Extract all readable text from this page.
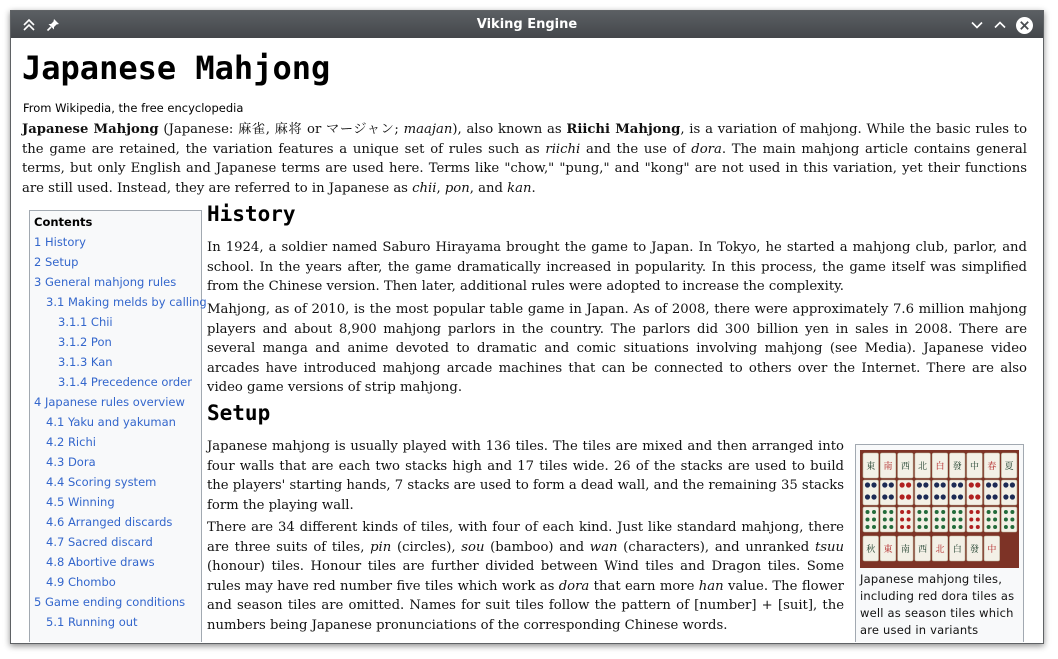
Viking Engine
Japanese Mahjong
From Wikipedia, the free encyclopedia
Japanese Mahjong (Japanese: 麻雀, 麻将 or マージャン; maajan), also known as Riichi Mahjong, is a variation of mahjong. While the basic rules to the game are retained, the variation features a unique set of rules such as riichi and the use of dora. The main mahjong article contains general terms, but only English and Japanese terms are used here. Terms like "chow," "pung," and "kong" are not used in this variation, yet their functions are still used. Instead, they are referred to in Japanese as chii, pon, and kan.
Contents
1 History
2 Setup
3 General mahjong rules
3.1 Making melds by calling
3.1.1 Chii
3.1.2 Pon
3.1.3 Kan
3.1.4 Precedence order
4 Japanese rules overview
4.1 Yaku and yakuman
4.2 Richi
4.3 Dora
4.4 Scoring system
4.5 Winning
4.6 Arranged discards
4.7 Sacred discard
4.8 Abortive draws
4.9 Chombo
5 Game ending conditions
5.1 Running out
History
In 1924, a soldier named Saburo Hirayama brought the game to Japan. In Tokyo, he started a mahjong club, parlor, and school. In the years after, the game dramatically increased in popularity. In this process, the game itself was simplified from the Chinese version. Then later, additional rules were adopted to increase the complexity.
Mahjong, as of 2010, is the most popular table game in Japan. As of 2008, there were approximately 7.6 million mahjong players and about 8,900 mahjong parlors in the country. The parlors did 300 billion yen in sales in 2008. There are several manga and anime devoted to dramatic and comic situations involving mahjong (see Media). Japanese video arcades have introduced mahjong arcade machines that can be connected to others over the Internet. There are also video game versions of strip mahjong.
Setup
Japanese mahjong is usually played with 136 tiles. The tiles are mixed and then arranged into four walls that are each two stacks high and 17 tiles wide. 26 of the stacks are used to build the players' starting hands, 7 stacks are used to form a dead wall, and the remaining 35 stacks form the playing wall.
There are 34 different kinds of tiles, with four of each kind. Just like standard mahjong, there are three suits of tiles, pin (circles), sou (bamboo) and wan (characters), and unranked tsuu (honour) tiles. Honour tiles are further divided between Wind tiles and Dragon tiles. Some rules may have red number five tiles which work as dora that earn more han value. The flower and season tiles are omitted. Names for suit tiles follow the pattern of [number] + [suit], the numbers being Japanese pronunciations of the corresponding Chinese words.
東 南 西 北 白 發 中 春 夏
秋 東 南 西 北 白 發 中
Japanese mahjong tiles, including red dora tiles as well as season tiles which are used in variants
